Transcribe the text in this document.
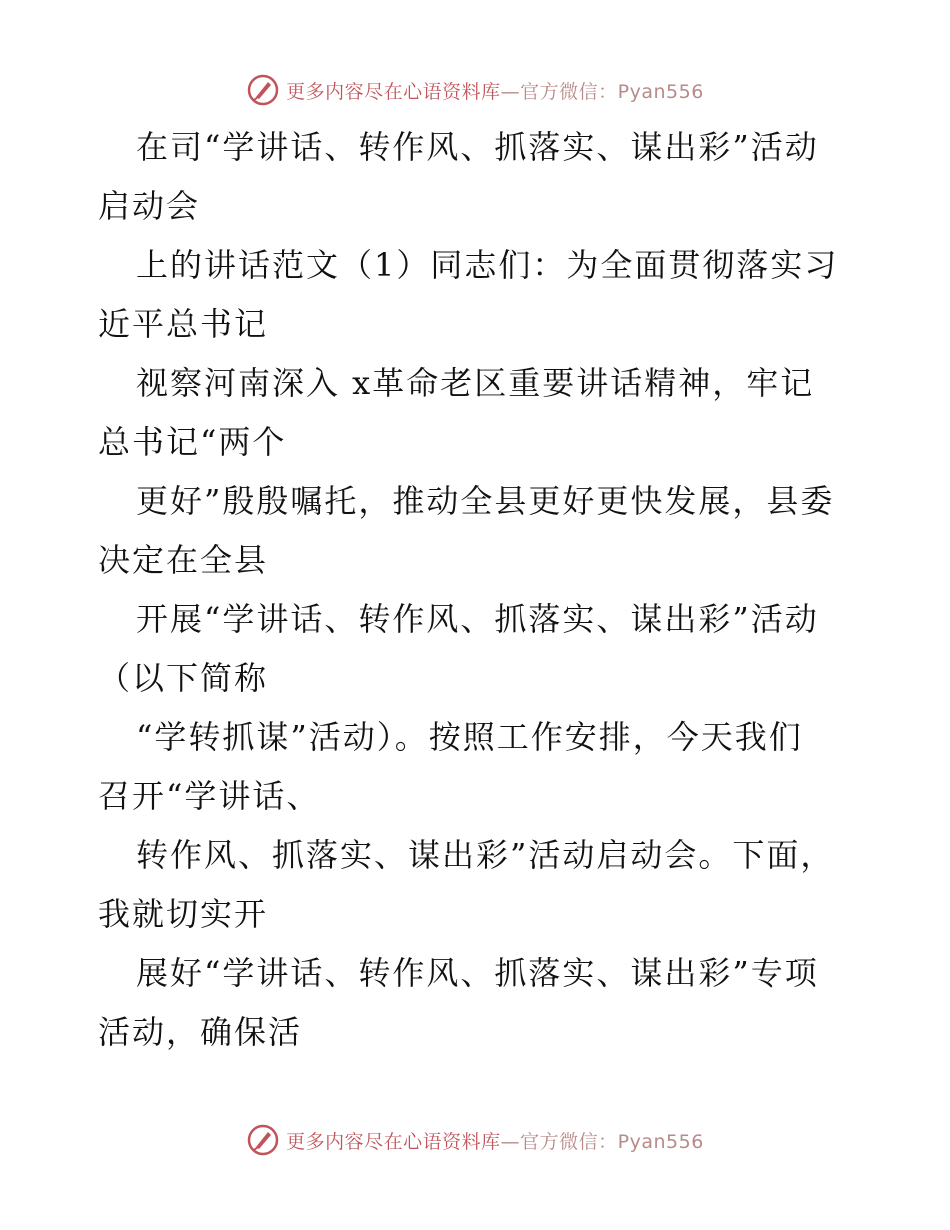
更多内容尽在心语资料库—官方微信：Pyan556
在司“学讲话、转作风、抓落实、谋出彩”活动
启动会
上的讲话范文（1）同志们：为全面贯彻落实习
近平总书记
视察河南深入 x革命老区重要讲话精神，牢记
总书记“两个
更好”殷殷嘱托，推动全县更好更快发展，县委
决定在全县
开展“学讲话、转作风、抓落实、谋出彩”活动
（以下简称
“学转抓谋”活动）。按照工作安排，今天我们
召开“学讲话、
转作风、抓落实、谋出彩”活动启动会。下面，
我就切实开
展好“学讲话、转作风、抓落实、谋出彩”专项
活动，确保活
更多内容尽在心语资料库—官方微信：Pyan556
